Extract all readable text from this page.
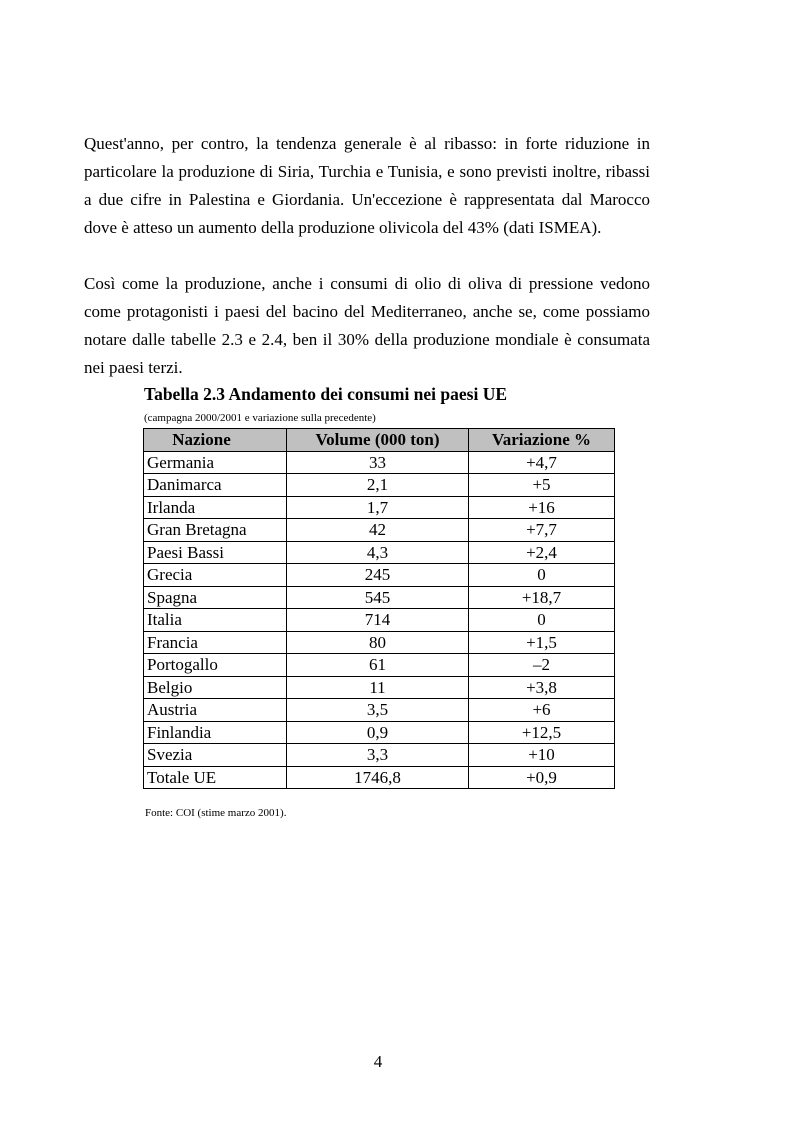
Quest'anno, per contro, la tendenza generale è al ribasso: in forte riduzione in particolare la produzione di Siria, Turchia e Tunisia, e sono previsti inoltre, ribassi a due cifre in Palestina e Giordania. Un'eccezione è rappresentata dal Marocco dove è atteso un aumento della produzione olivicola del 43% (dati ISMEA).

Così come la produzione, anche i consumi di olio di oliva di pressione vedono come protagonisti i paesi del bacino del Mediterraneo, anche se, come possiamo notare dalle tabelle 2.3 e 2.4, ben il 30% della produzione mondiale è consumata nei paesi terzi.

Tabella 2.3 Andamento dei consumi nei paesi UE

(campagna 2000/2001 e variazione sulla precedente)

Nazione	Volume (000 ton)	Variazione %
Germania	33	+4,7
Danimarca	2,1	+5
Irlanda	1,7	+16
Gran Bretagna	42	+7,7
Paesi Bassi	4,3	+2,4
Grecia	245	0
Spagna	545	+18,7
Italia	714	0
Francia	80	+1,5
Portogallo	61	–2
Belgio	11	+3,8
Austria	3,5	+6
Finlandia	0,9	+12,5
Svezia	3,3	+10
Totale UE	1746,8	+0,9

Fonte: COI (stime marzo 2001).

4
